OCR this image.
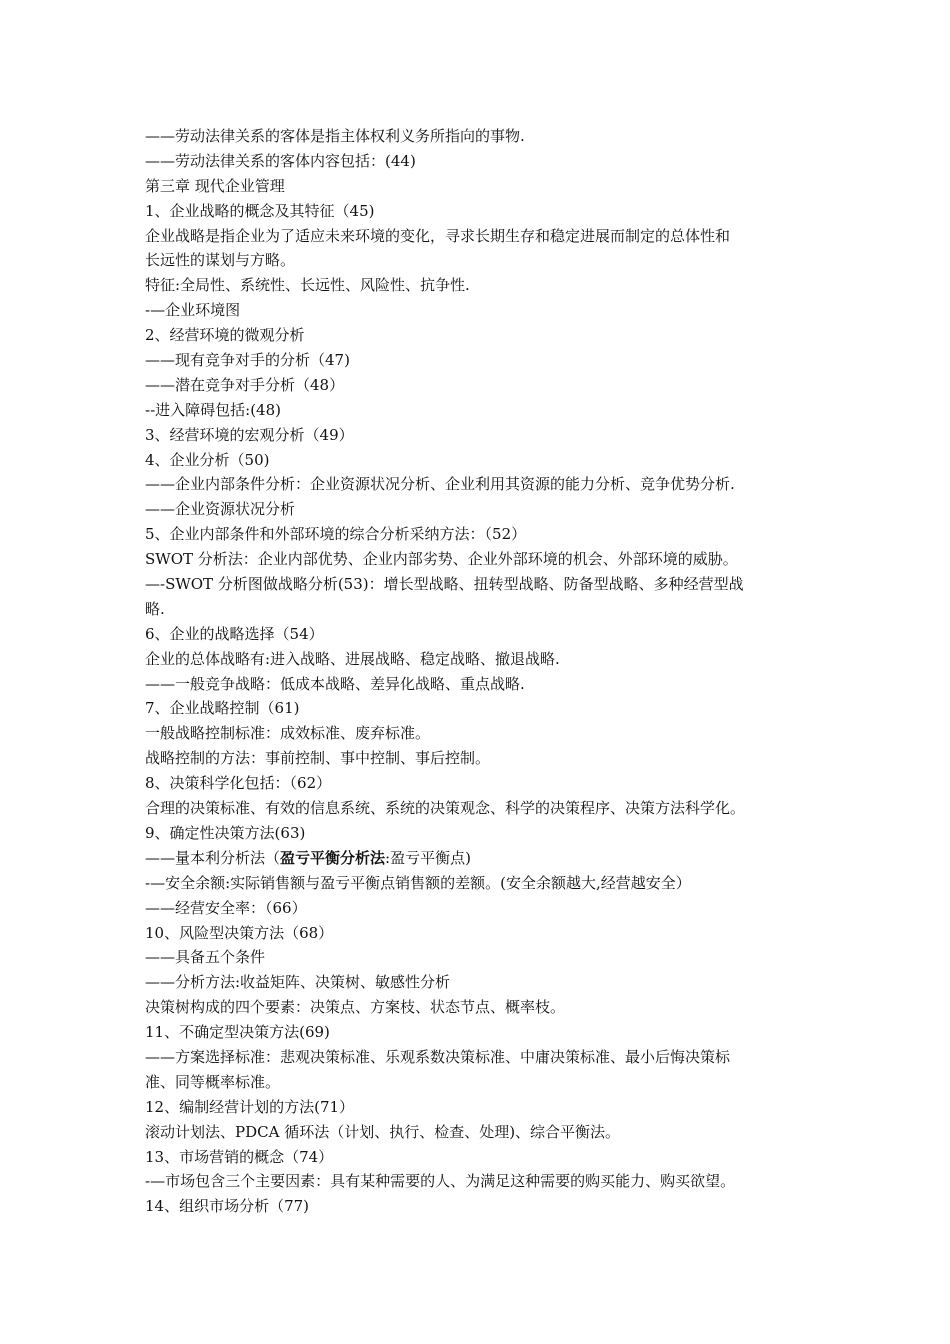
——劳动法律关系的客体是指主体权利义务所指向的事物.
——劳动法律关系的客体内容包括：(44)
第三章 现代企业管理
1、企业战略的概念及其特征（45)
企业战略是指企业为了适应未来环境的变化，寻求长期生存和稳定进展而制定的总体性和
长远性的谋划与方略。
特征:全局性、系统性、长远性、风险性、抗争性.
-—企业环境图
2、经营环境的微观分析
——现有竞争对手的分析（47)
——潜在竞争对手分析（48）
--进入障碍包括:(48)
3、经营环境的宏观分析（49）
4、企业分析（50)
——企业内部条件分析：企业资源状况分析、企业利用其资源的能力分析、竞争优势分析.
——企业资源状况分析
5、企业内部条件和外部环境的综合分析采纳方法：（52）
SWOT 分析法：企业内部优势、企业内部劣势、企业外部环境的机会、外部环境的威胁。
—-SWOT 分析图做战略分析(53)：增长型战略、扭转型战略、防备型战略、多种经营型战
略.
6、企业的战略选择（54）
企业的总体战略有:进入战略、进展战略、稳定战略、撤退战略.
——一般竞争战略：低成本战略、差异化战略、重点战略.
7、企业战略控制（61)
一般战略控制标准：成效标准、废弃标准。
战略控制的方法：事前控制、事中控制、事后控制。
8、决策科学化包括：（62）
合理的决策标准、有效的信息系统、系统的决策观念、科学的决策程序、决策方法科学化。
9、确定性决策方法(63)
——量本利分析法（盈亏平衡分析法:盈亏平衡点)
-—安全余额:实际销售额与盈亏平衡点销售额的差额。(安全余额越大,经营越安全）
——经营安全率：（66）
10、风险型决策方法（68）
——具备五个条件
——分析方法:收益矩阵、决策树、敏感性分析
决策树构成的四个要素：决策点、方案枝、状态节点、概率枝。
11、不确定型决策方法(69)
——方案选择标准：悲观决策标准、乐观系数决策标准、中庸决策标准、最小后悔决策标
准、同等概率标准。
12、编制经营计划的方法(71）
滚动计划法、PDCA 循环法（计划、执行、检查、处理)、综合平衡法。
13、市场营销的概念（74）
-—市场包含三个主要因素：具有某种需要的人、为满足这种需要的购买能力、购买欲望。
14、组织市场分析（77)
